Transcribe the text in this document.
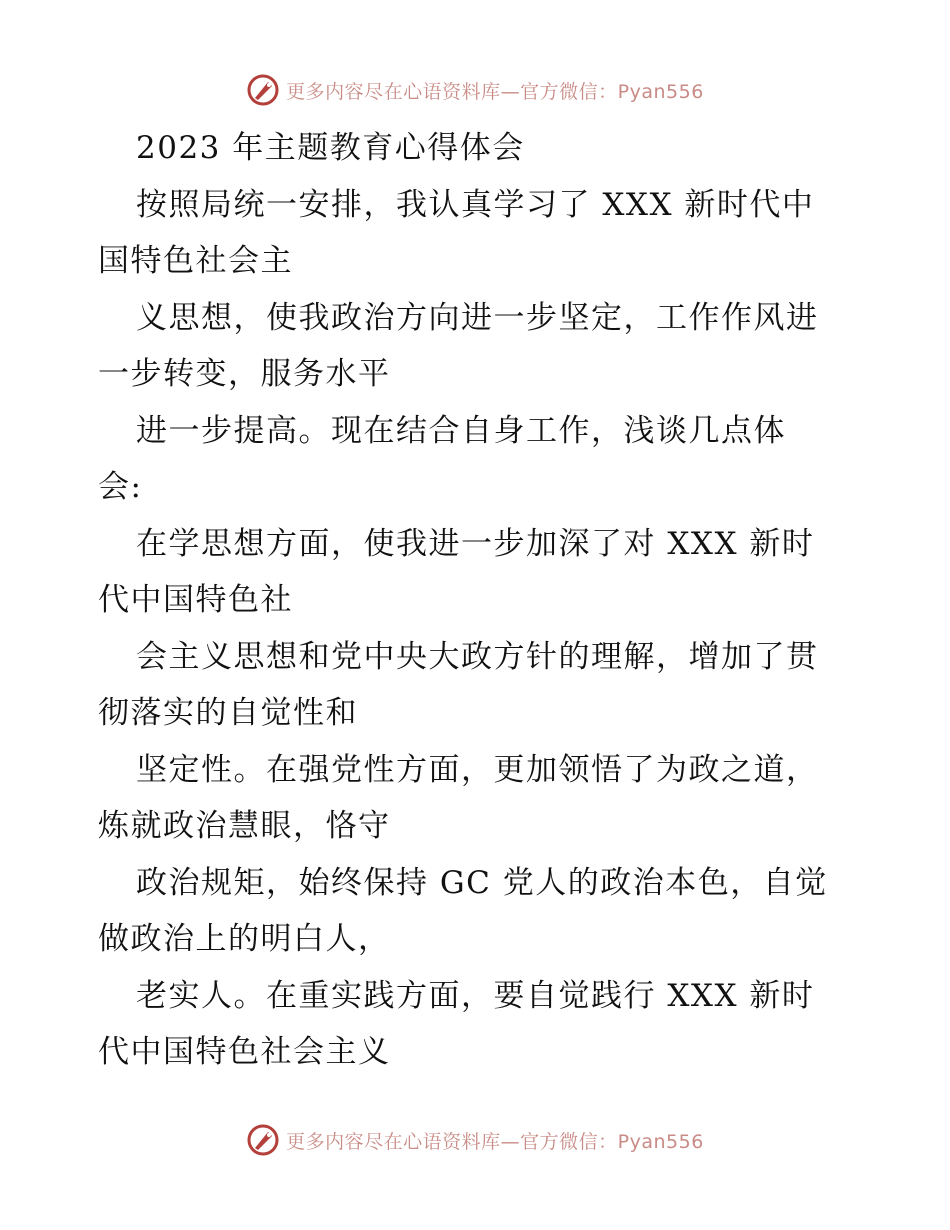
更多内容尽在心语资料库—官方微信：Pyan556

2023 年主题教育心得体会

按照局统一安排，我认真学习了 XXX 新时代中

国特色社会主

义思想，使我政治方向进一步坚定，工作作风进

一步转变，服务水平

进一步提高。现在结合自身工作，浅谈几点体

会:

在学思想方面，使我进一步加深了对 XXX 新时

代中国特色社

会主义思想和党中央大政方针的理解，增加了贯

彻落实的自觉性和

坚定性。在强党性方面，更加领悟了为政之道，

炼就政治慧眼，恪守

政治规矩，始终保持 GC 党人的政治本色，自觉

做政治上的明白人，

老实人。在重实践方面，要自觉践行 XXX 新时

代中国特色社会主义

更多内容尽在心语资料库—官方微信：Pyan556
